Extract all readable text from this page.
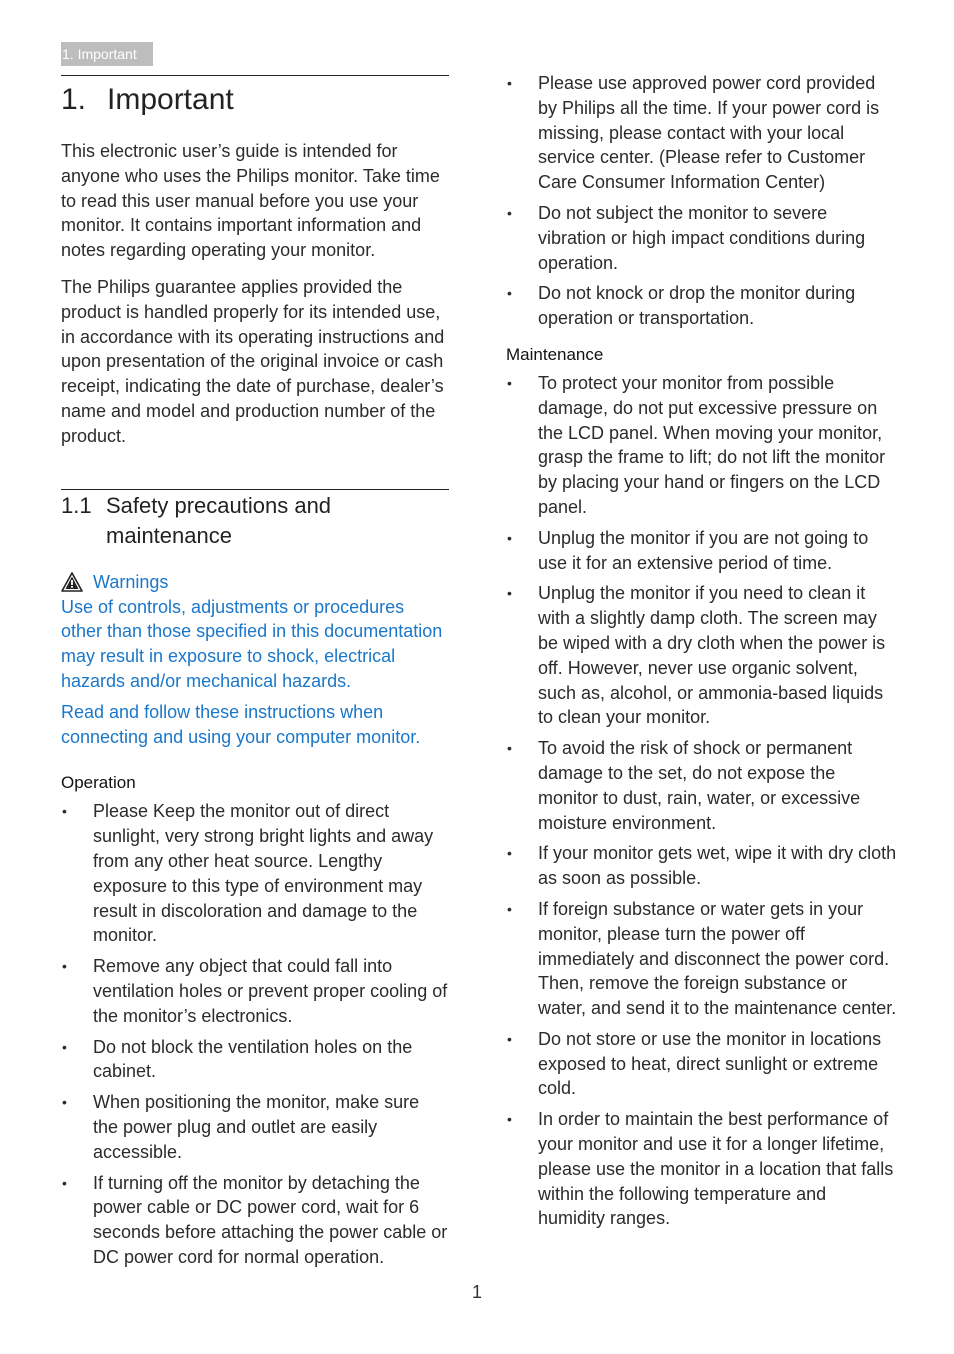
1. Important
1. Important

This electronic user’s guide is intended for anyone who uses the Philips monitor. Take time to read this user manual before you use your monitor. It contains important information and notes regarding operating your monitor.

The Philips guarantee applies provided the product is handled properly for its intended use, in accordance with its operating instructions and upon presentation of the original invoice or cash receipt, indicating the date of purchase, dealer’s name and model and production number of the product.

1.1 Safety precautions and maintenance
Warnings

Use of controls, adjustments or procedures other than those specified in this documentation may result in exposure to shock, electrical hazards and/or mechanical hazards.

Read and follow these instructions when connecting and using your computer monitor.

Operation
• Please Keep the monitor out of direct sunlight, very strong bright lights and away from any other heat source. Lengthy exposure to this type of environment may result in discoloration and damage to the monitor.
• Remove any object that could fall into ventilation holes or prevent proper cooling of the monitor’s electronics.
• Do not block the ventilation holes on the cabinet.
• When positioning the monitor, make sure the power plug and outlet are easily accessible.
• If turning off the monitor by detaching the power cable or DC power cord, wait for 6 seconds before attaching the power cable or DC power cord for normal operation.
• Please use approved power cord provided by Philips all the time. If your power cord is missing, please contact with your local service center. (Please refer to Customer Care Consumer Information Center)
• Do not subject the monitor to severe vibration or high impact conditions during operation.
• Do not knock or drop the monitor during operation or transportation.
Maintenance
• To protect your monitor from possible damage, do not put excessive pressure on the LCD panel. When moving your monitor, grasp the frame to lift; do not lift the monitor by placing your hand or fingers on the LCD panel.
• Unplug the monitor if you are not going to use it for an extensive period of time.
• Unplug the monitor if you need to clean it with a slightly damp cloth. The screen may be wiped with a dry cloth when the power is off. However, never use organic solvent, such as, alcohol, or ammonia-based liquids to clean your monitor.
• To avoid the risk of shock or permanent damage to the set, do not expose the monitor to dust, rain, water, or excessive moisture environment.
• If your monitor gets wet, wipe it with dry cloth as soon as possible.
• If foreign substance or water gets in your monitor, please turn the power off immediately and disconnect the power cord. Then, remove the foreign substance or water, and send it to the maintenance center.
• Do not store or use the monitor in locations exposed to heat, direct sunlight or extreme cold.
• In order to maintain the best performance of your monitor and use it for a longer lifetime, please use the monitor in a location that falls within the following temperature and humidity ranges.
1
